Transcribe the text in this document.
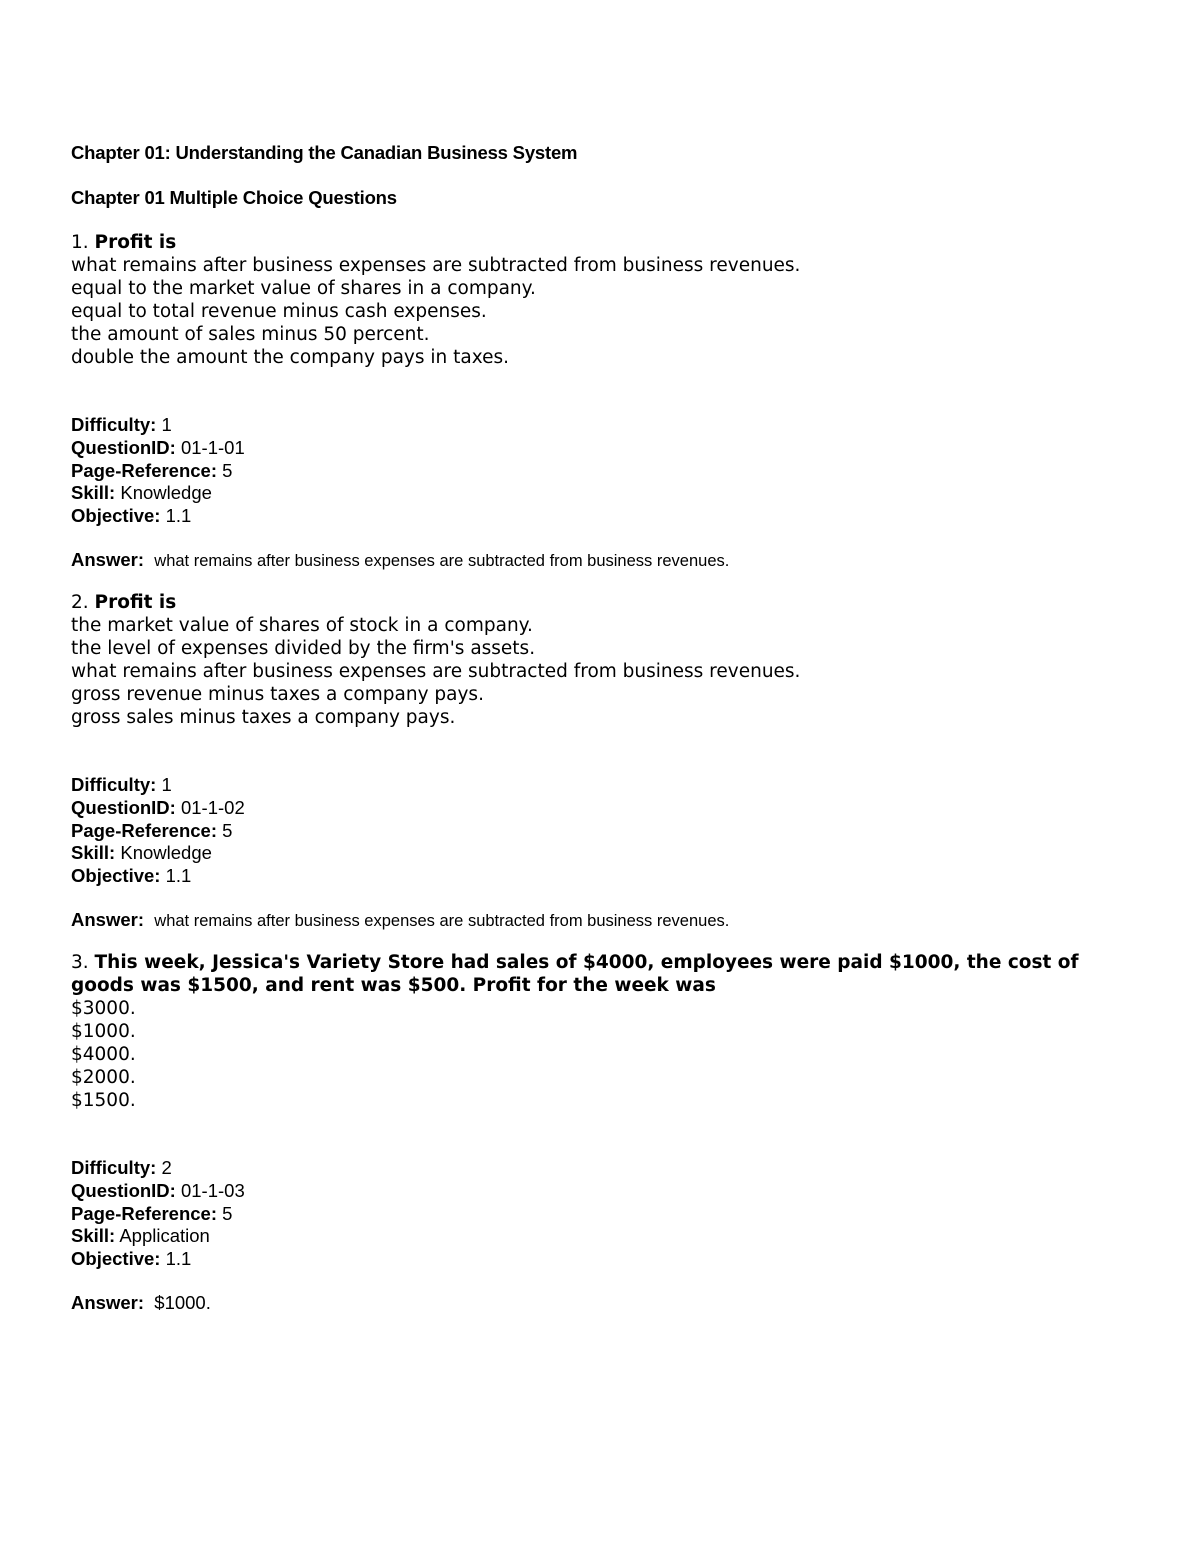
Chapter 01: Understanding the Canadian Business System
Chapter 01 Multiple Choice Questions

1. Profit is

what remains after business expenses are subtracted from business revenues.
equal to the market value of shares in a company.
equal to total revenue minus cash expenses.
the amount of sales minus 50 percent.
double the amount the company pays in taxes.

Difficulty: 1

QuestionID: 01-1-01

Page-Reference: 5

Skill: Knowledge

Objective: 1.1

Answer: what remains after business expenses are subtracted from business revenues.

2. Profit is

the market value of shares of stock in a company.
the level of expenses divided by the firm's assets.
what remains after business expenses are subtracted from business revenues.
gross revenue minus taxes a company pays.
gross sales minus taxes a company pays.

Difficulty: 1

QuestionID: 01-1-02

Page-Reference: 5

Skill: Knowledge

Objective: 1.1

Answer: what remains after business expenses are subtracted from business revenues.

3. This week, Jessica's Variety Store had sales of $4000, employees were paid $1000, the cost of goods was $1500, and rent was $500. Profit for the week was

$3000.
$1000.
$4000.
$2000.
$1500.

Difficulty: 2

QuestionID: 01-1-03

Page-Reference: 5

Skill: Application

Objective: 1.1

Answer: $1000.
